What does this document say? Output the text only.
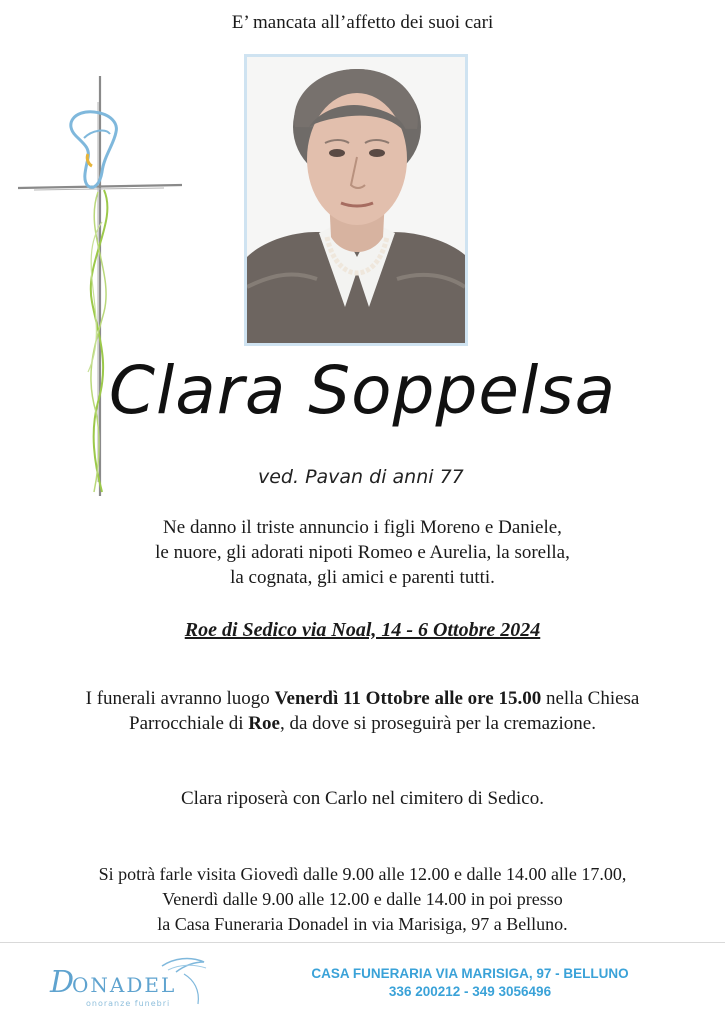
E’ mancata all’affetto dei suoi cari
Clara Soppelsa
ved. Pavan di anni 77
Ne danno il triste annuncio i figli Moreno e Daniele,
le nuore, gli adorati nipoti Romeo e Aurelia, la sorella,
la cognata, gli amici e parenti tutti.
Roe di Sedico via Noal, 14 - 6 Ottobre 2024
I funerali avranno luogo Venerdì 11 Ottobre alle ore 15.00 nella Chiesa
Parrocchiale di Roe, da dove si proseguirà per la cremazione.
Clara riposerà con Carlo nel cimitero di Sedico.
Si potrà farle visita Giovedì dalle 9.00 alle 12.00 e dalle 14.00 alle 17.00,
Venerdì dalle 9.00 alle 12.00 e dalle 14.00 in poi presso
la Casa Funeraria Donadel in via Marisiga, 97 a Belluno.
D
ONADEL
onoranze funebri
CASA FUNERARIA VIA MARISIGA, 97 - BELLUNO
336 200212 - 349 3056496
